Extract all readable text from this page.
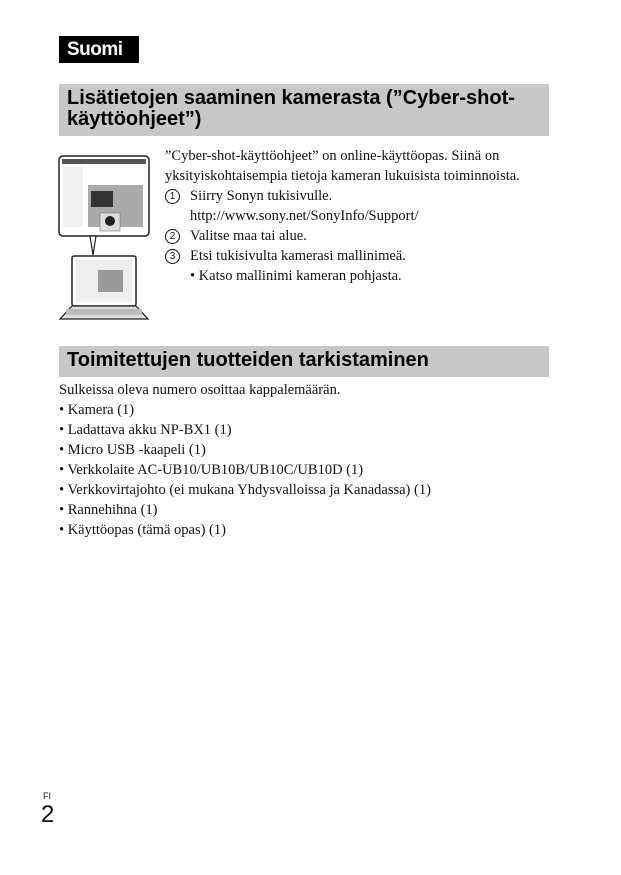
Suomi
Lisätietojen saaminen kamerasta (”Cyber-shot-käyttöohjeet”)
”Cyber-shot-käyttöohjeet” on online-käyttöopas. Siinä on
yksityiskohtaisempia tietoja kameran lukuisista toiminnoista.
1 Siirry Sonyn tukisivulle.
http://www.sony.net/SonyInfo/Support/
2 Valitse maa tai alue.
3 Etsi tukisivulta kamerasi mallinimeä.
• Katso mallinimi kameran pohjasta.
Toimitettujen tuotteiden tarkistaminen
Sulkeissa oleva numero osoittaa kappalemäärän.
• Kamera (1)
• Ladattava akku NP-BX1 (1)
• Micro USB -kaapeli (1)
• Verkkolaite AC-UB10/UB10B/UB10C/UB10D (1)
• Verkkovirtajohto (ei mukana Yhdysvalloissa ja Kanadassa) (1)
• Rannehihna (1)
• Käyttöopas (tämä opas) (1)
FI
2
